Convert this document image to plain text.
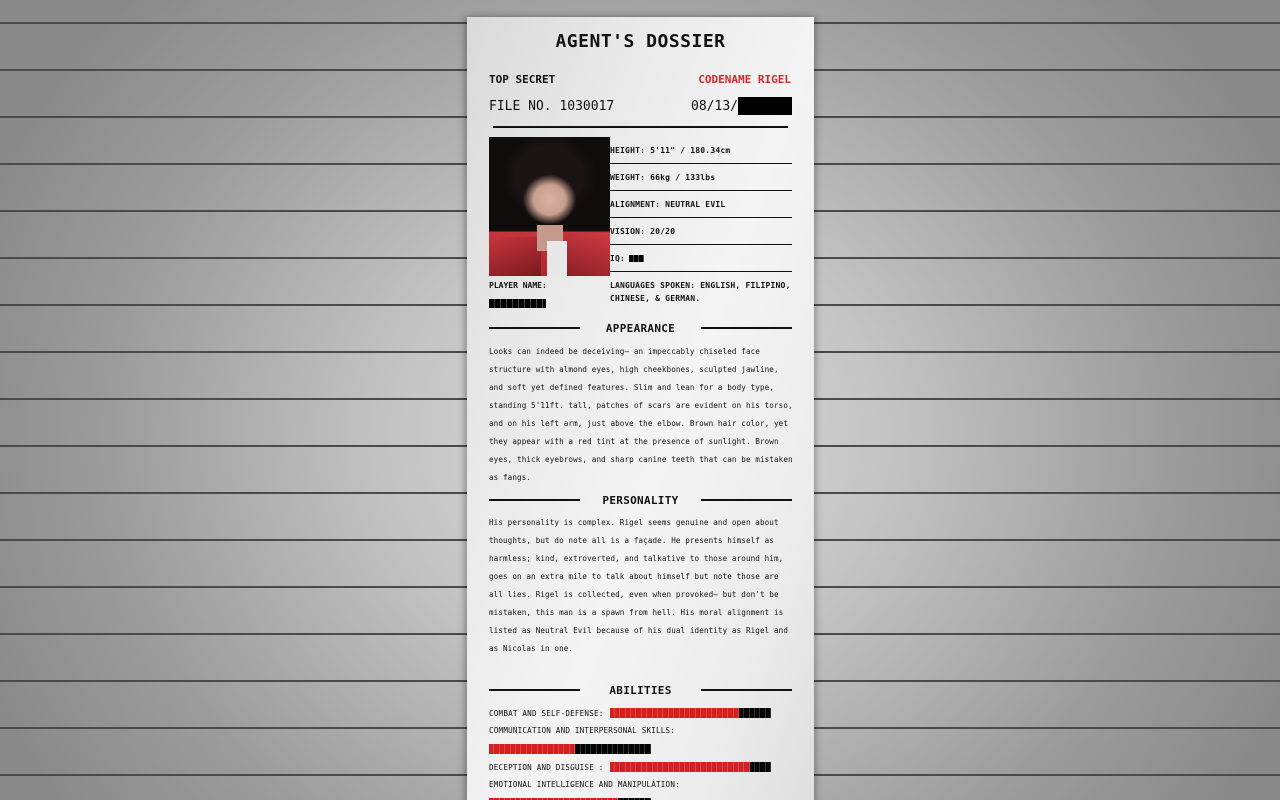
AGENT'S DOSSIER
TOP SECRET	CODENAME RIGEL
FILE NO. 1030017	08/13/
PLAYER NAME:
HEIGHT: 5'11" / 180.34cm
WEIGHT: 66kg / 133lbs
ALIGNMENT: NEUTRAL EVIL
VISION: 20/20
IQ:
LANGUAGES SPOKEN: ENGLISH, FILIPINO, CHINESE, & GERMAN.
APPEARANCE
Looks can indeed be deceiving— an impeccably chiseled face structure with almond eyes, high cheekbones, sculpted jawline, and soft yet defined features. Slim and lean for a body type, standing 5'11ft. tall, patches of scars are evident on his torso, and on his left arm, just above the elbow. Brown hair color, yet they appear with a red tint at the presence of sunlight. Brown eyes, thick eyebrows, and sharp canine teeth that can be mistaken as fangs.
PERSONALITY
His personality is complex. Rigel seems genuine and open about thoughts, but do note all is a façade. He presents himself as harmless; kind, extroverted, and talkative to those around him, goes on an extra mile to talk about himself but note those are all lies. Rigel is collected, even when provoked— but don't be mistaken, this man is a spawn from hell. His moral alignment is listed as Neutral Evil because of his dual identity as Rigel and as Nicolas in one.
ABILITIES
COMBAT AND SELF-DEFENSE:
COMMUNICATION AND INTERPERSONAL SKILLS:
DECEPTION AND DISGUISE :
EMOTIONAL INTELLIGENCE AND MANIPULATION:
